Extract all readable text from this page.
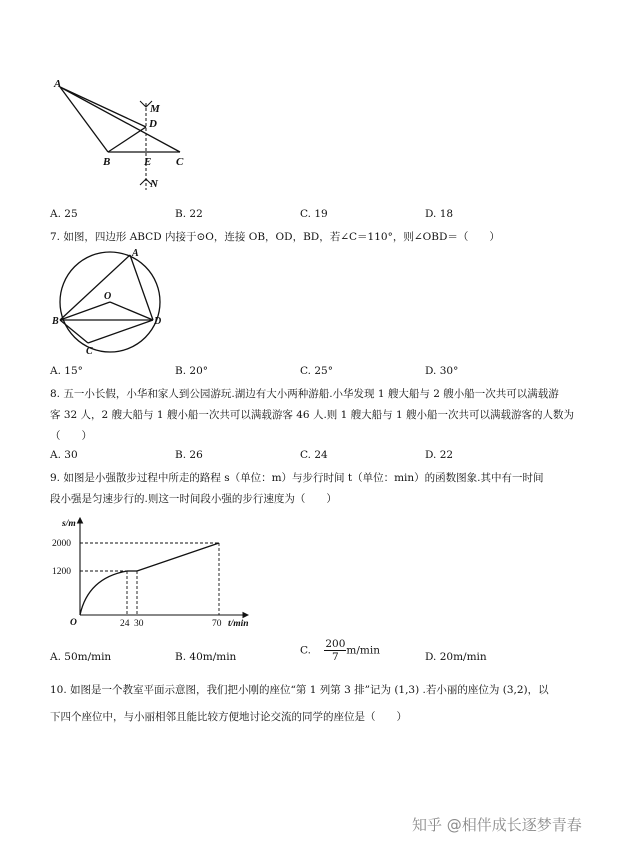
A
M
D
B	E C
N
A. 25	B. 22	C. 19	D. 18
7. 如图，四边形 ABCD 内接于⊙O，连接 OB，OD，BD，若∠C＝110°，则∠OBD＝（　　）
A
O
B	D
C
A. 15°	B. 20°	C. 25°	D. 30°
8. 五一小长假，小华和家人到公园游玩.湖边有大小两种游船.小华发现 1 艘大船与 2 艘小船一次共可以满载游
客 32 人，2 艘大船与 1 艘小船一次共可以满载游客 46 人.则 1 艘大船与 1 艘小船一次共可以满载游客的人数为
（　　）
A. 30	B. 26	C. 24	D. 22
9. 如图是小强散步过程中所走的路程 s（单位：m）与步行时间 t（单位：min）的函数图象.其中有一时间
段小强是匀速步行的.则这一时间段小强的步行速度为（　　）
s/m
2000
1200
O	24 30	70 t/min
A. 50m/min	B. 40m/min
C. $\frac{200}{7} m/\min$
D. 20m/min
10. 如图是一个教室平面示意图，我们把小刚的座位“第 1 列第 3 排”记为 (1,3) .若小丽的座位为 (3,2)，以
下四个座位中，与小丽相邻且能比较方便地讨论交流的同学的座位是（　　）
知乎 @相伴成长逐梦青春
